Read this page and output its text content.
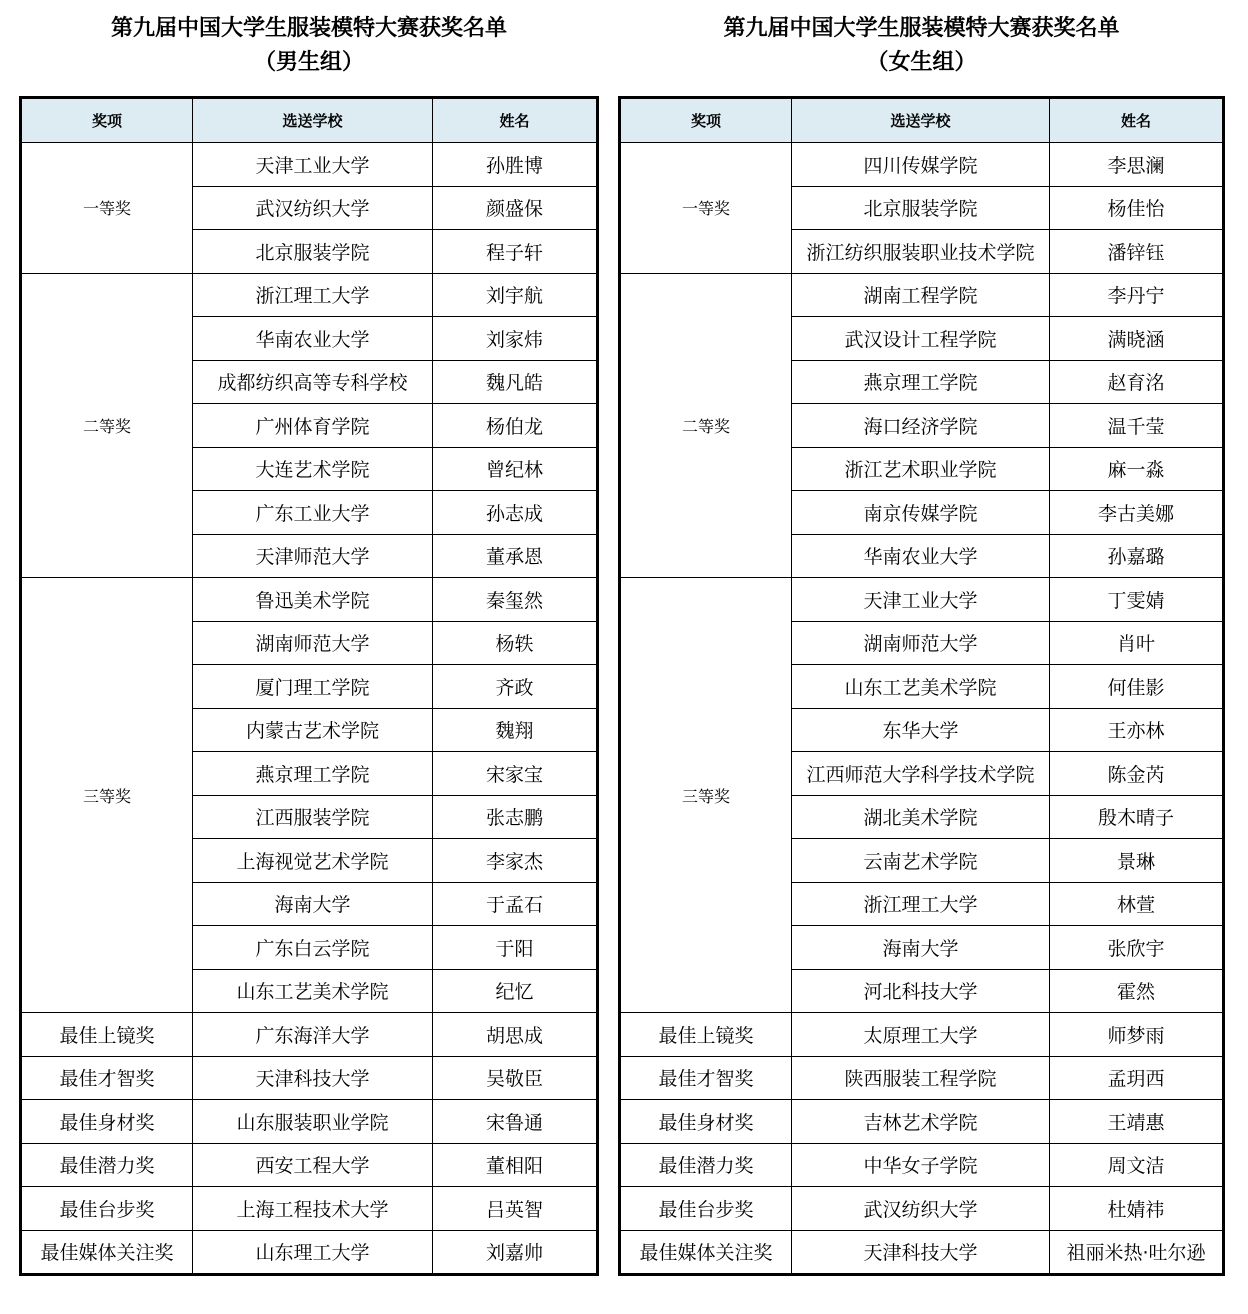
第九届中国大学生服装模特大赛获奖名单
（男生组）
奖项	选送学校	姓名
一等奖	天津工业大学	孙胜博
	武汉纺织大学	颜盛保
	北京服装学院	程子轩
二等奖	浙江理工大学	刘宇航
	华南农业大学	刘家炜
	成都纺织高等专科学校	魏凡皓
	广州体育学院	杨伯龙
	大连艺术学院	曾纪林
	广东工业大学	孙志成
	天津师范大学	董承恩
三等奖	鲁迅美术学院	秦玺然
	湖南师范大学	杨轶
	厦门理工学院	齐政
	内蒙古艺术学院	魏翔
	燕京理工学院	宋家宝
	江西服装学院	张志鹏
	上海视觉艺术学院	李家杰
	海南大学	于孟石
	广东白云学院	于阳
	山东工艺美术学院	纪忆
最佳上镜奖	广东海洋大学	胡思成
最佳才智奖	天津科技大学	吴敬臣
最佳身材奖	山东服装职业学院	宋鲁通
最佳潜力奖	西安工程大学	董相阳
最佳台步奖	上海工程技术大学	吕英智
最佳媒体关注奖	山东理工大学	刘嘉帅
第九届中国大学生服装模特大赛获奖名单
（女生组）
奖项	选送学校	姓名
一等奖	四川传媒学院	李思澜
	北京服装学院	杨佳怡
	浙江纺织服装职业技术学院	潘锌钰
二等奖	湖南工程学院	李丹宁
	武汉设计工程学院	满晓涵
	燕京理工学院	赵育洺
	海口经济学院	温千莹
	浙江艺术职业学院	麻一淼
	南京传媒学院	李古美娜
	华南农业大学	孙嘉璐
三等奖	天津工业大学	丁雯婧
	湖南师范大学	肖叶
	山东工艺美术学院	何佳影
	东华大学	王亦林
	江西师范大学科学技术学院	陈金芮
	湖北美术学院	殷木晴子
	云南艺术学院	景琳
	浙江理工大学	林萱
	海南大学	张欣宇
	河北科技大学	霍然
最佳上镜奖	太原理工大学	师梦雨
最佳才智奖	陕西服装工程学院	孟玥西
最佳身材奖	吉林艺术学院	王靖惠
最佳潜力奖	中华女子学院	周文洁
最佳台步奖	武汉纺织大学	杜婧祎
最佳媒体关注奖	天津科技大学	祖丽米热·吐尔逊
